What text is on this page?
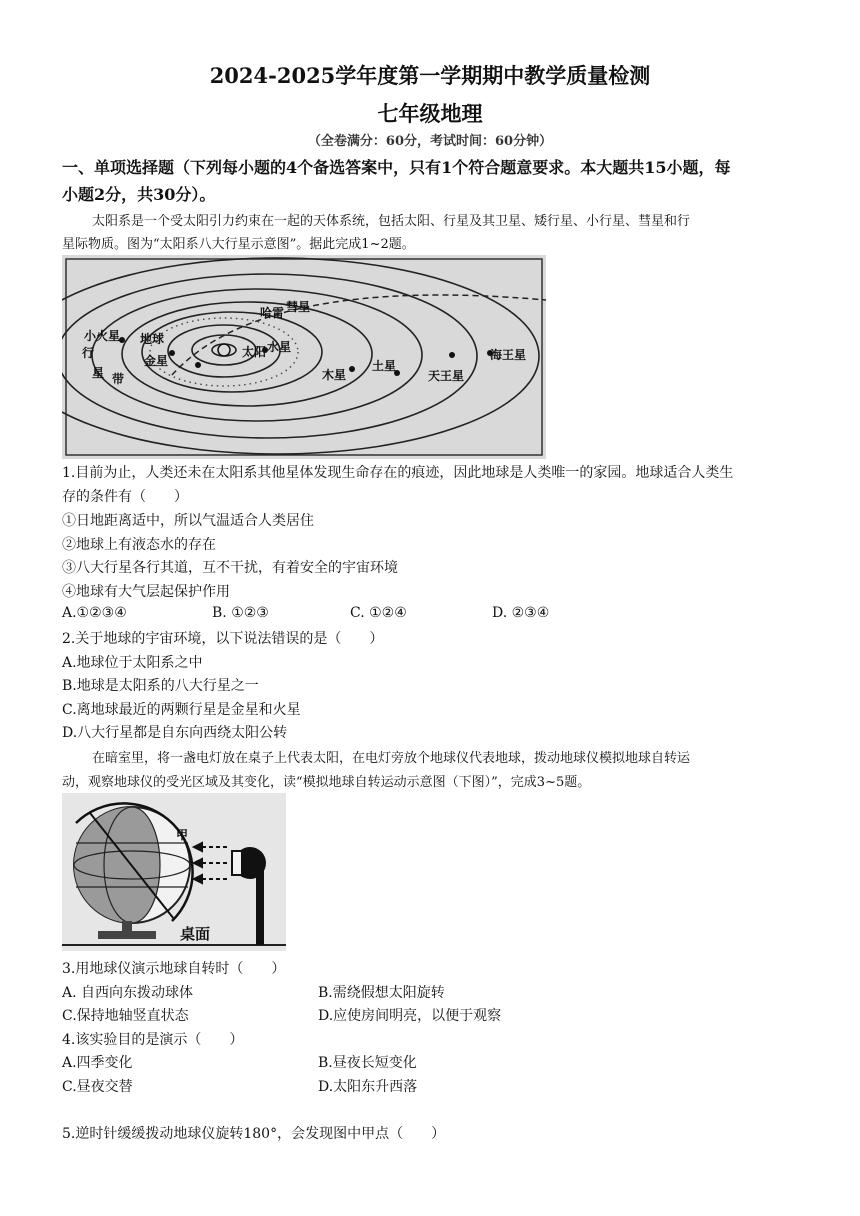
2024-2025学年度第一学期期中教学质量检测
七年级地理
（全卷满分：60分，考试时间：60分钟）
一、单项选择题（下列每小题的4个备选答案中，只有1个符合题意要求。本大题共15小题，每
小题2分，共30分）。
太阳系是一个受太阳引力约束在一起的天体系统，包括太阳、行星及其卫星、矮行星、小行星、彗星和行
星际物质。图为“太阳系八大行星示意图”。据此完成1~2题。
小火星
行
星 带
地球
金星
太阳 水星
哈雷 彗星
木星
土星
天王星
海王星
1.目前为止，人类还未在太阳系其他星体发现生命存在的痕迹，因此地球是人类唯一的家园。地球适合人类生
存的条件有（　　）
①日地距离适中，所以气温适合人类居住
②地球上有液态水的存在
③八大行星各行其道，互不干扰，有着安全的宇宙环境
④地球有大气层起保护作用
A.①②③④	B. ①②③	C. ①②④	D. ②③④
2.关于地球的宇宙环境，以下说法错误的是（　　）
A.地球位于太阳系之中
B.地球是太阳系的八大行星之一
C.离地球最近的两颗行星是金星和火星
D.八大行星都是自东向西绕太阳公转
在暗室里，将一盏电灯放在桌子上代表太阳，在电灯旁放个地球仪代表地球，拨动地球仪模拟地球自转运
动，观察地球仪的受光区域及其变化，读“模拟地球自转运动示意图（下图）”，完成3~5题。
甲
桌面
3.用地球仪演示地球自转时（　　）
A. 自西向东拨动球体	B.需绕假想太阳旋转
C.保持地轴竖直状态	D.应使房间明亮，以便于观察
4.该实验目的是演示（　　）
A.四季变化	B.昼夜长短变化
C.昼夜交替	D.太阳东升西落
5.逆时针缓缓拨动地球仪旋转180°，会发现图中甲点（　　）
